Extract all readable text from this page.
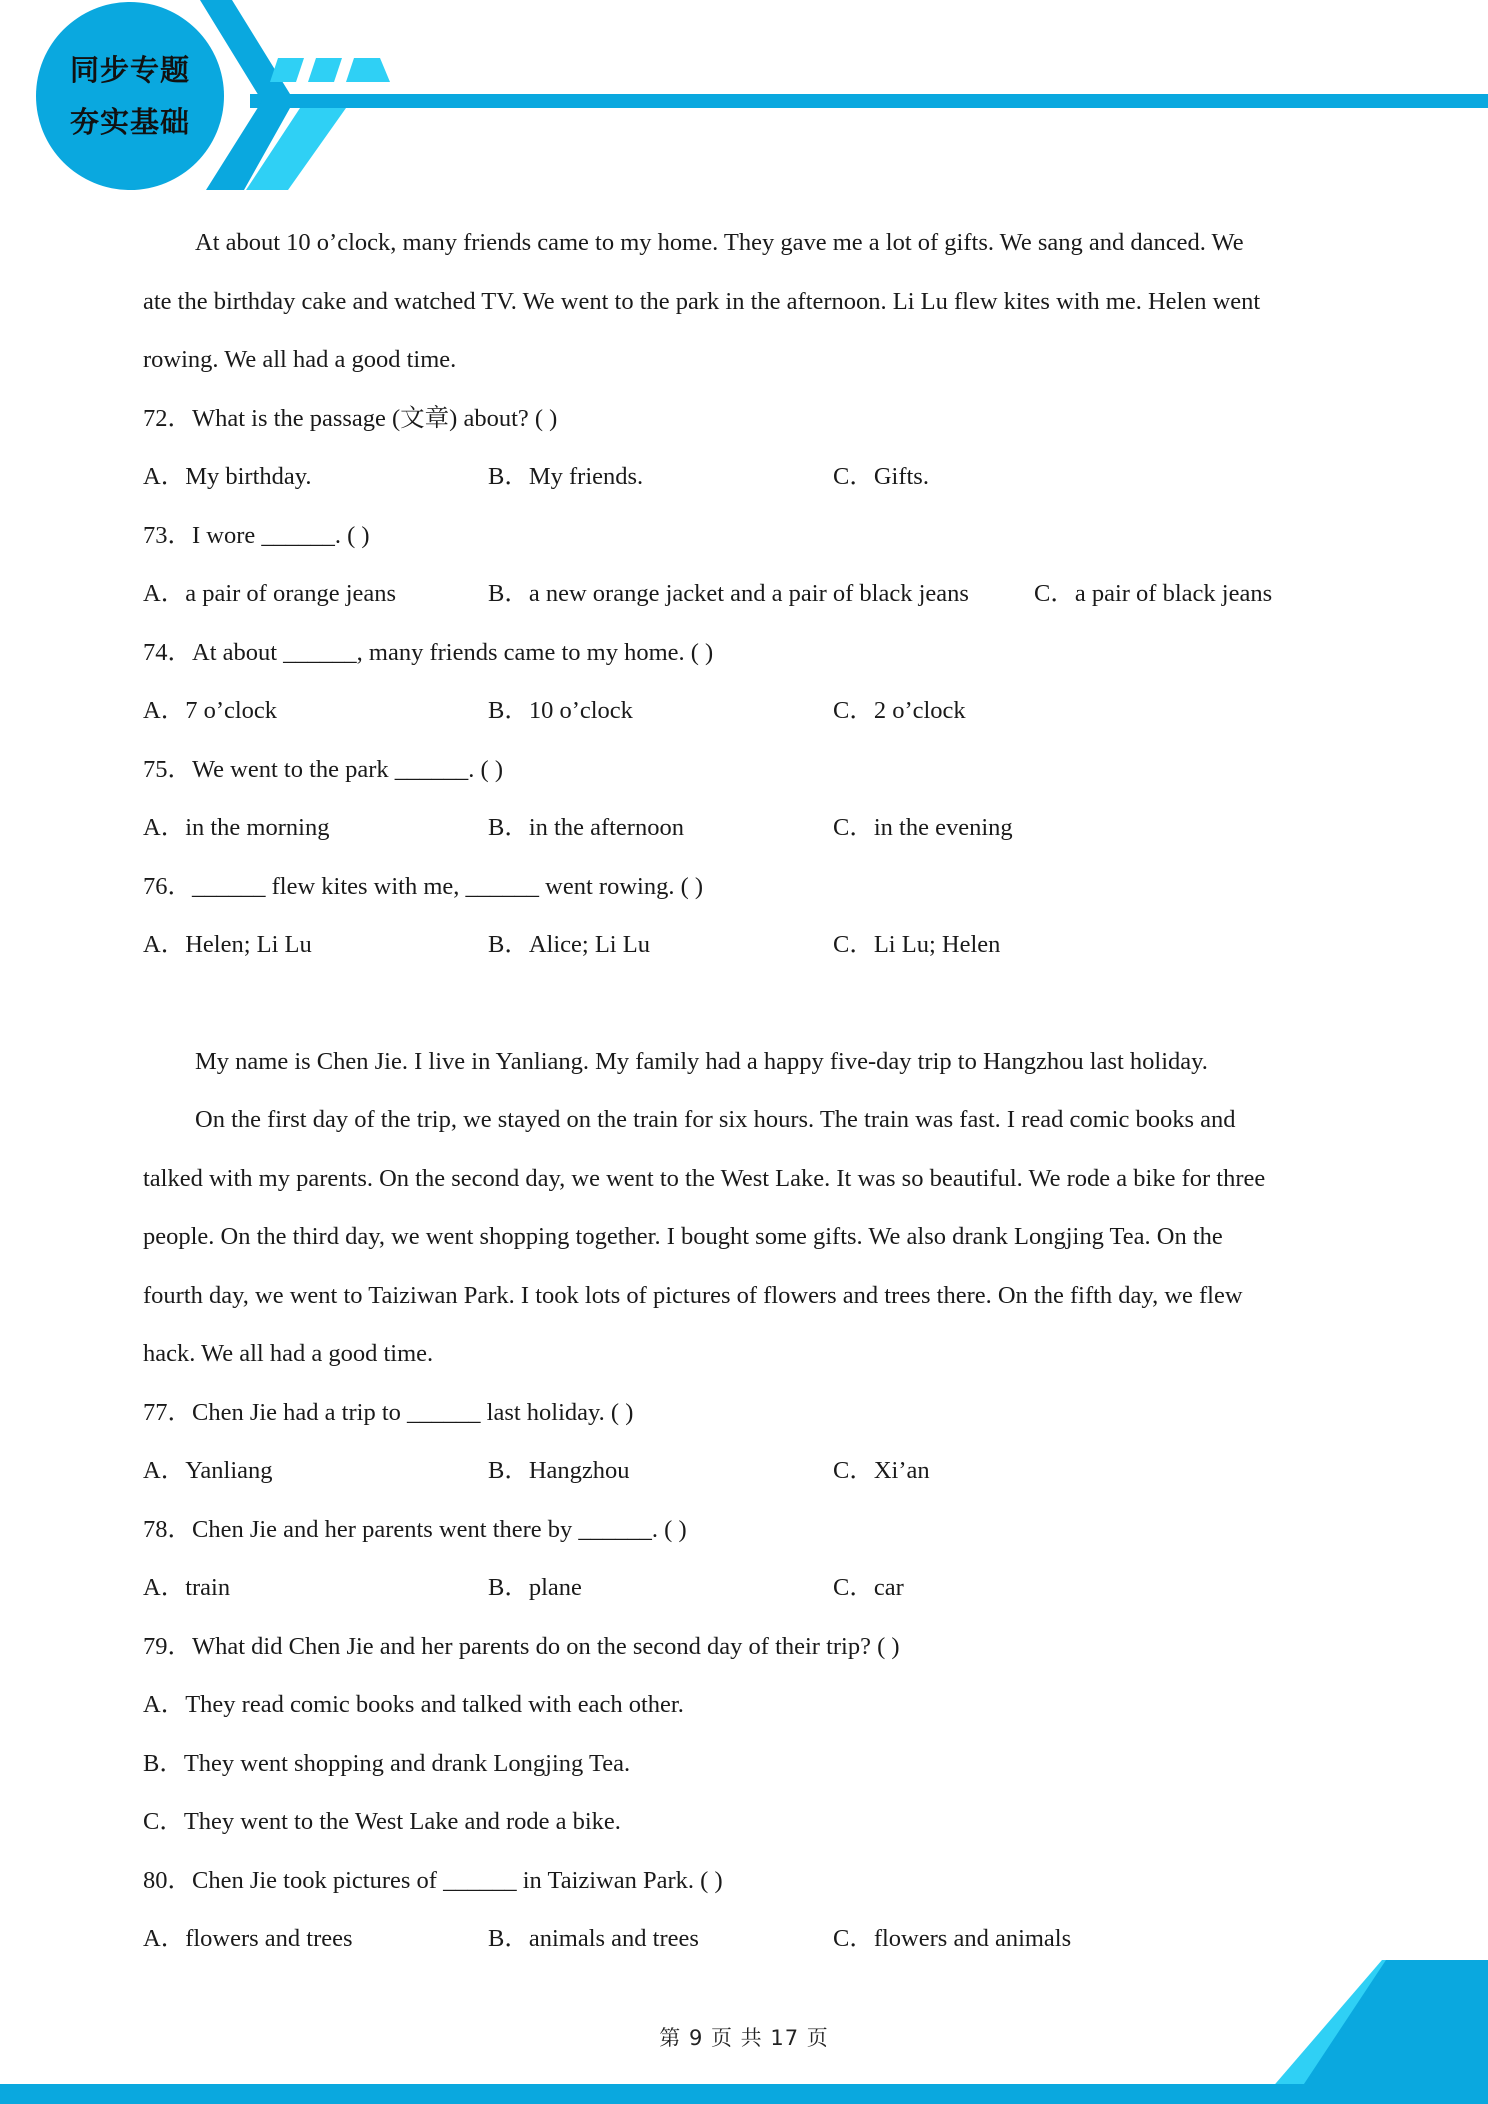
同步专题
夯实基础
At about 10 o’clock, many friends came to my home. They gave me a lot of gifts. We sang and danced. We
ate the birthday cake and watched TV. We went to the park in the afternoon. Li Lu flew kites with me. Helen went
rowing. We all had a good time.
72．What is the passage (文章) about? ( )
A．My birthday.	B．My friends.	C．Gifts.
73．I wore ______. ( )
A．a pair of orange jeans	B．a new orange jacket and a pair of black jeans	C．a pair of black jeans
74．At about ______, many friends came to my home. ( )
A．7 o’clock	B．10 o’clock	C．2 o’clock
75．We went to the park ______. ( )
A．in the morning	B．in the afternoon	C．in the evening
76．______ flew kites with me, ______ went rowing. ( )
A．Helen; Li Lu	B．Alice; Li Lu	C．Li Lu; Helen
My name is Chen Jie. I live in Yanliang. My family had a happy five-day trip to Hangzhou last holiday.
On the first day of the trip, we stayed on the train for six hours. The train was fast. I read comic books and
talked with my parents. On the second day, we went to the West Lake. It was so beautiful. We rode a bike for three
people. On the third day, we went shopping together. I bought some gifts. We also drank Longjing Tea. On the
fourth day, we went to Taiziwan Park. I took lots of pictures of flowers and trees there. On the fifth day, we flew
hack. We all had a good time.
77．Chen Jie had a trip to ______ last holiday. ( )
A．Yanliang	B．Hangzhou	C．Xi’an
78．Chen Jie and her parents went there by ______. ( )
A．train	B．plane	C．car
79．What did Chen Jie and her parents do on the second day of their trip? ( )
A．They read comic books and talked with each other.
B．They went shopping and drank Longjing Tea.
C．They went to the West Lake and rode a bike.
80．Chen Jie took pictures of ______ in Taiziwan Park. ( )
A．flowers and trees	B．animals and trees	C．flowers and animals
第 9 页 共 17 页
